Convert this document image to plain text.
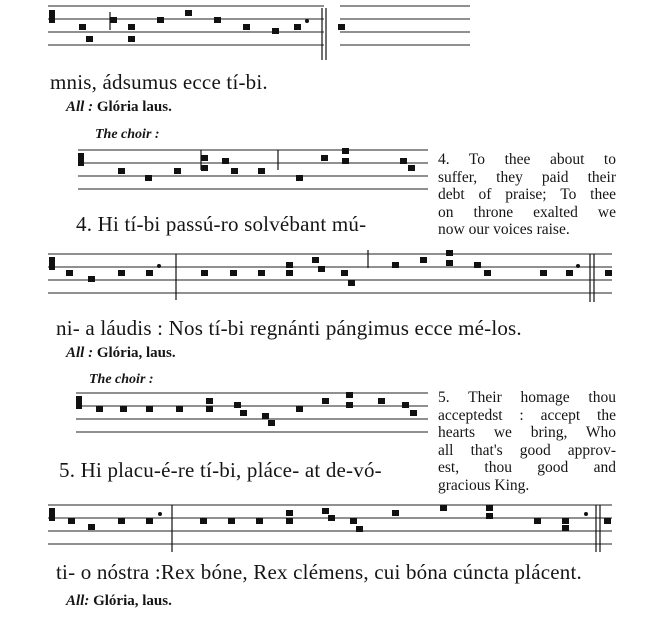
mnis, ádsumus ecce tí-bi.
All : Glória laus.
The choir :
4. Hi tí-bi passú-ro solvébant mú-
4. To thee about to
suffer, they paid their
debt of praise; To thee
on throne exalted we
now our voices raise.
ni- a láudis : Nos tí-bi regnánti pángimus ecce mé-los.
All : Glória, laus.
The choir :
5. Hi placu-é-re tí-bi, pláce- at de-vó-
5. Their homage thou
acceptedst : accept the
hearts we bring, Who
all that's good approv-
est, thou good and
gracious King.
ti- o nóstra :Rex bóne, Rex clémens, cui bóna cúncta plácent.
All: Glória, laus.
